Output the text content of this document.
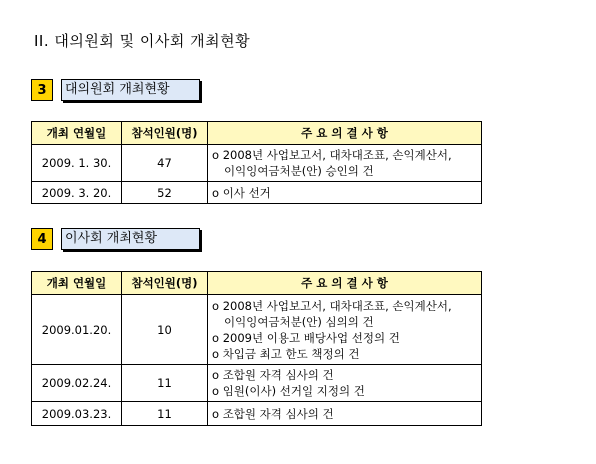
II. 대의원회 및 이사회 개최현황
3	대의원회 개최현황
개최 연월일	참석인원(명)	주 요 의 결 사 항
2009. 1. 30.	47	o 2008년 사업보고서, 대차대조표, 손익계산서,
이익잉여금처분(안) 승인의 건

2009. 3. 20.	52	o 이사 선거
4	이사회 개최현황
개최 연월일	참석인원(명)	주 요 의 결 사 항
2009.01.20.	10	o 2008년 사업보고서, 대차대조표, 손익계산서,
이익잉여금처분(안) 심의의 건
o 2009년 이용고 배당사업 선정의 건
o 차입금 최고 한도 책정의 건

2009.02.24.	11	o 조합원 자격 심사의 건
o 임원(이사) 선거일 지정의 건

2009.03.23.	11	o 조합원 자격 심사의 건
